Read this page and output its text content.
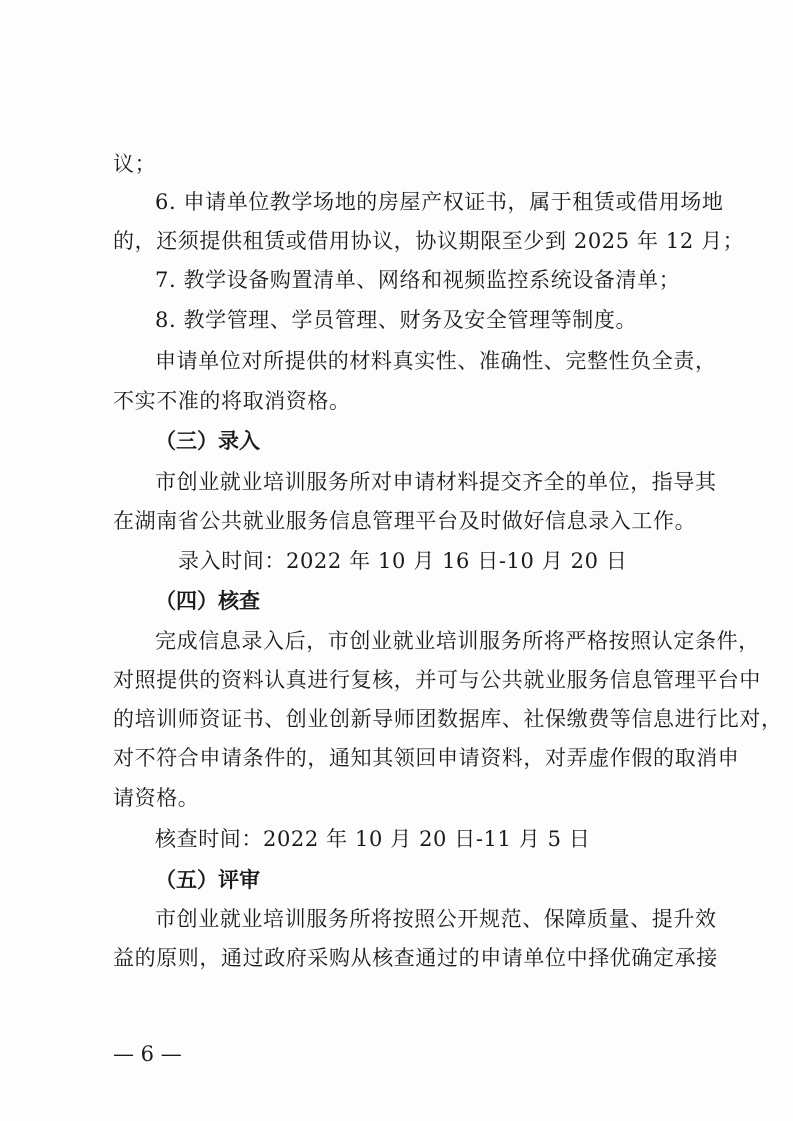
议；
6. 申请单位教学场地的房屋产权证书，属于租赁或借用场地
的，还须提供租赁或借用协议，协议期限至少到 2025 年 12 月；
7. 教学设备购置清单、网络和视频监控系统设备清单；
8. 教学管理、学员管理、财务及安全管理等制度。
申请单位对所提供的材料真实性、准确性、完整性负全责，
不实不准的将取消资格。
（三）录入
市创业就业培训服务所对申请材料提交齐全的单位，指导其
在湖南省公共就业服务信息管理平台及时做好信息录入工作。
录入时间：2022 年 10 月 16 日-10 月 20 日
（四）核查
完成信息录入后，市创业就业培训服务所将严格按照认定条件，
对照提供的资料认真进行复核，并可与公共就业服务信息管理平台中
的培训师资证书、创业创新导师团数据库、社保缴费等信息进行比对，
对不符合申请条件的，通知其领回申请资料，对弄虚作假的取消申
请资格。
核查时间：2022 年 10 月 20 日-11 月 5 日
（五）评审
市创业就业培训服务所将按照公开规范、保障质量、提升效
益的原则，通过政府采购从核查通过的申请单位中择优确定承接
— 6 —
